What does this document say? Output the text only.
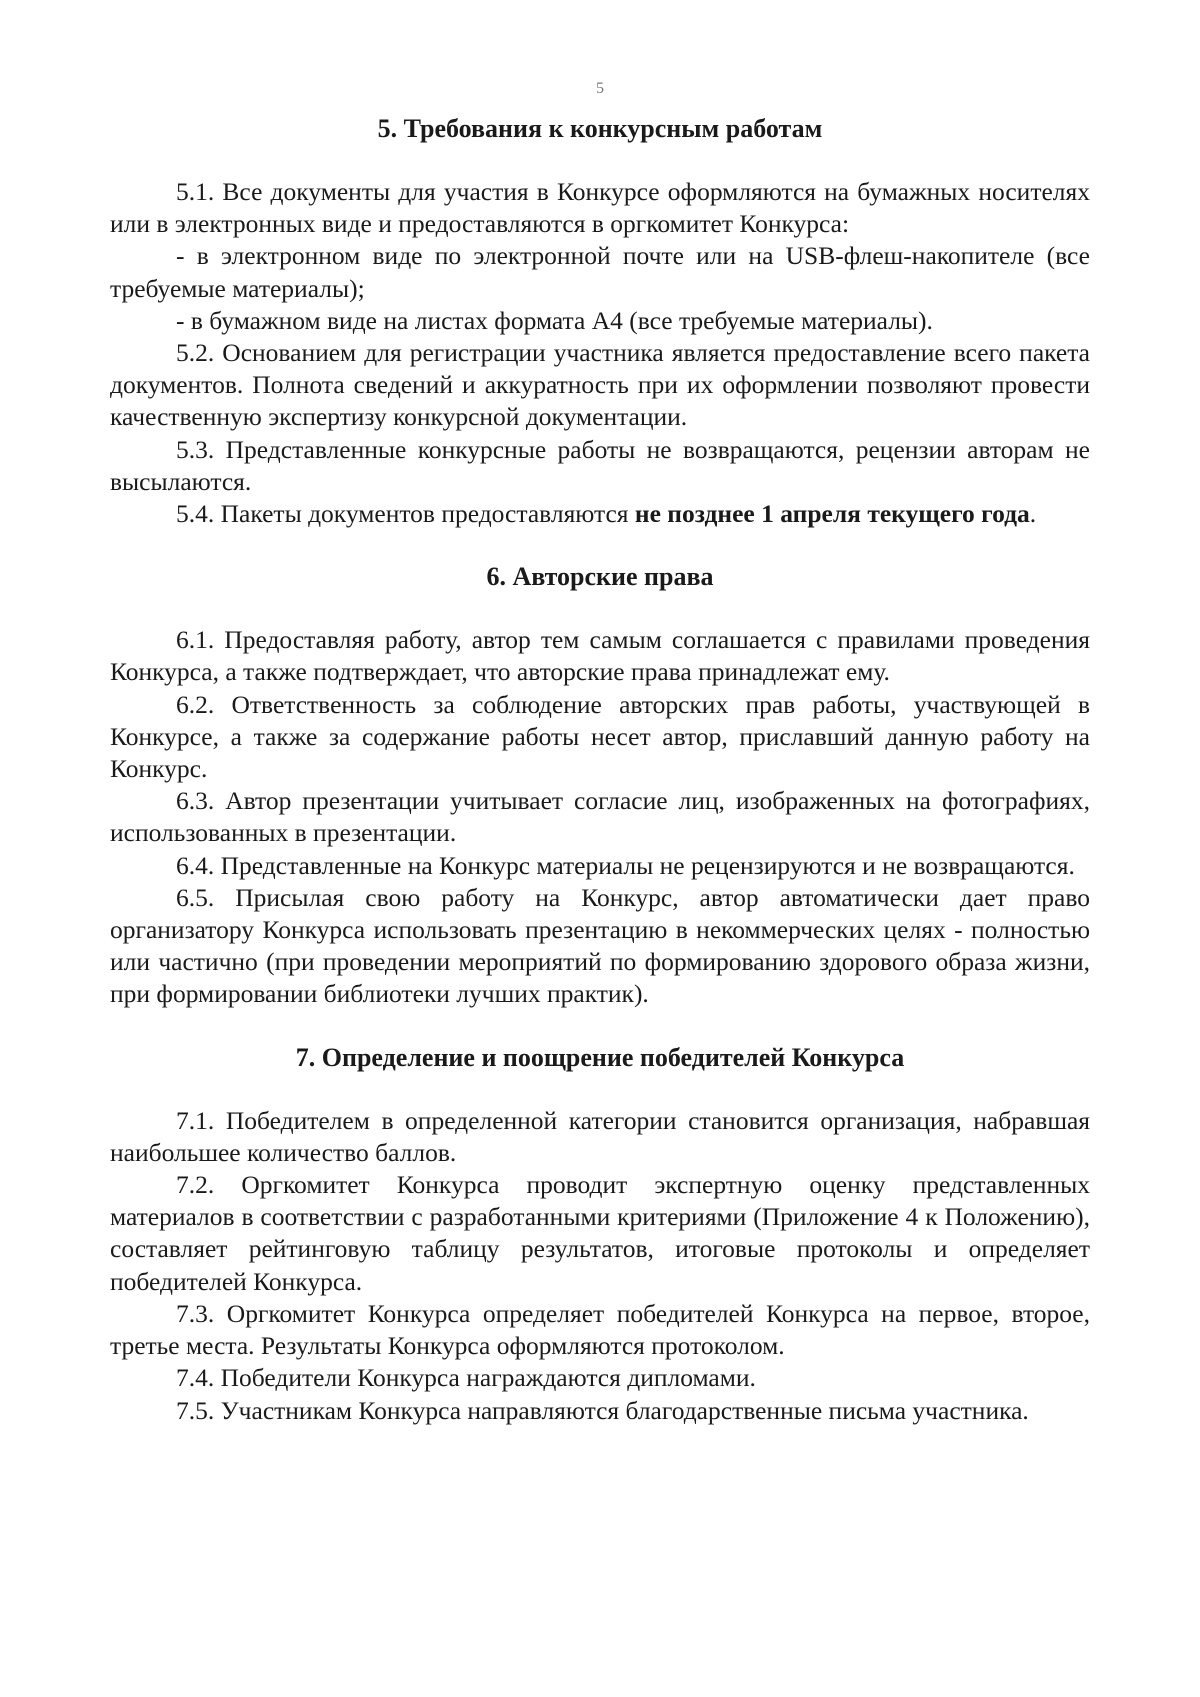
5
5. Требования к конкурсным работам

5.1. Все документы для участия в Конкурсе оформляются на бумажных носителях или в электронных виде и предоставляются в оргкомитет Конкурса:

- в электронном виде по электронной почте или на USB-флеш-накопителе (все требуемые материалы);

- в бумажном виде на листах формата А4 (все требуемые материалы).

5.2. Основанием для регистрации участника является предоставление всего пакета документов. Полнота сведений и аккуратность при их оформлении позволяют провести качественную экспертизу конкурсной документации.

5.3. Представленные конкурсные работы не возвращаются, рецензии авторам не высылаются.

5.4. Пакеты документов предоставляются не позднее 1 апреля текущего года.

6. Авторские права

6.1. Предоставляя работу, автор тем самым соглашается с правилами проведения Конкурса, а также подтверждает, что авторские права принадлежат ему.

6.2. Ответственность за соблюдение авторских прав работы, участвующей в Конкурсе, а также за содержание работы несет автор, приславший данную работу на Конкурс.

6.3. Автор презентации учитывает согласие лиц, изображенных на фотографиях, использованных в презентации.

6.4. Представленные на Конкурс материалы не рецензируются и не возвращаются.

6.5. Присылая свою работу на Конкурс, автор автоматически дает право организатору Конкурса использовать презентацию в некоммерческих целях - полностью или частично (при проведении мероприятий по формированию здорового образа жизни, при формировании библиотеки лучших практик).

7. Определение и поощрение победителей Конкурса

7.1. Победителем в определенной категории становится организация, набравшая наибольшее количество баллов.

7.2. Оргкомитет Конкурса проводит экспертную оценку представленных материалов в соответствии с разработанными критериями (Приложение 4 к Положению), составляет рейтинговую таблицу результатов, итоговые протоколы и определяет победителей Конкурса.

7.3. Оргкомитет Конкурса определяет победителей Конкурса на первое, второе, третье места. Результаты Конкурса оформляются протоколом.

7.4. Победители Конкурса награждаются дипломами.

7.5. Участникам Конкурса направляются благодарственные письма участника.
